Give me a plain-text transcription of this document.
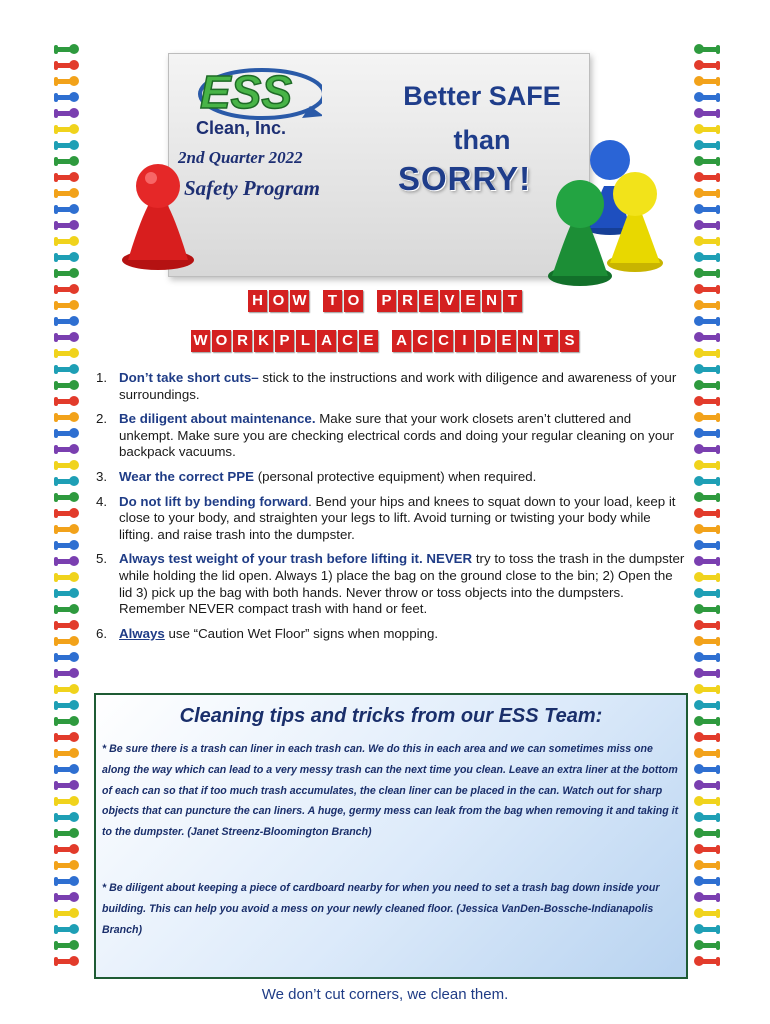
ESS
Clean, Inc.
2nd Quarter 2022
Safety Program
Better SAFE
than
SORRY!
H O W T O P R E V E N T
W O R K P L A C E A C C I D E N T S
1. Don’t take short cuts– stick to the instructions and work with diligence and awareness of your surroundings.
2. Be diligent about maintenance. Make sure that your work closets aren’t cluttered and unkempt. Make sure you are checking electrical cords and doing your regular cleaning on your backpack vacuums.
3. Wear the correct PPE (personal protective equipment) when required.
4. Do not lift by bending forward. Bend your hips and knees to squat down to your load, keep it close to your body, and straighten your legs to lift. Avoid turning or twisting your body while lifting. and raise trash into the dumpster.
5. Always test weight of your trash before lifting it. NEVER try to toss the trash in the dumpster while holding the lid open. Always 1) place the bag on the ground close to the bin; 2) Open the lid 3) pick up the bag with both hands. Never throw or toss objects into the dumpsters. Remember NEVER compact trash with hand or feet.
6. Always use “Caution Wet Floor” signs when mopping.
Cleaning tips and tricks from our ESS Team:
* Be sure there is a trash can liner in each trash can. We do this in each area and we can sometimes miss one along the way which can lead to a very messy trash can the next time you clean. Leave an extra liner at the bottom of each can so that if too much trash accumulates, the clean liner can be placed in the can. Watch out for sharp objects that can puncture the can liners. A huge, germy mess can leak from the bag when removing it and taking it to the dumpster. (Janet Streenz-Bloomington Branch)
* Be diligent about keeping a piece of cardboard nearby for when you need to set a trash bag down inside your building. This can help you avoid a mess on your newly cleaned floor. (Jessica VanDen-Bossche-Indianapolis Branch)
We don’t cut corners, we clean them.
